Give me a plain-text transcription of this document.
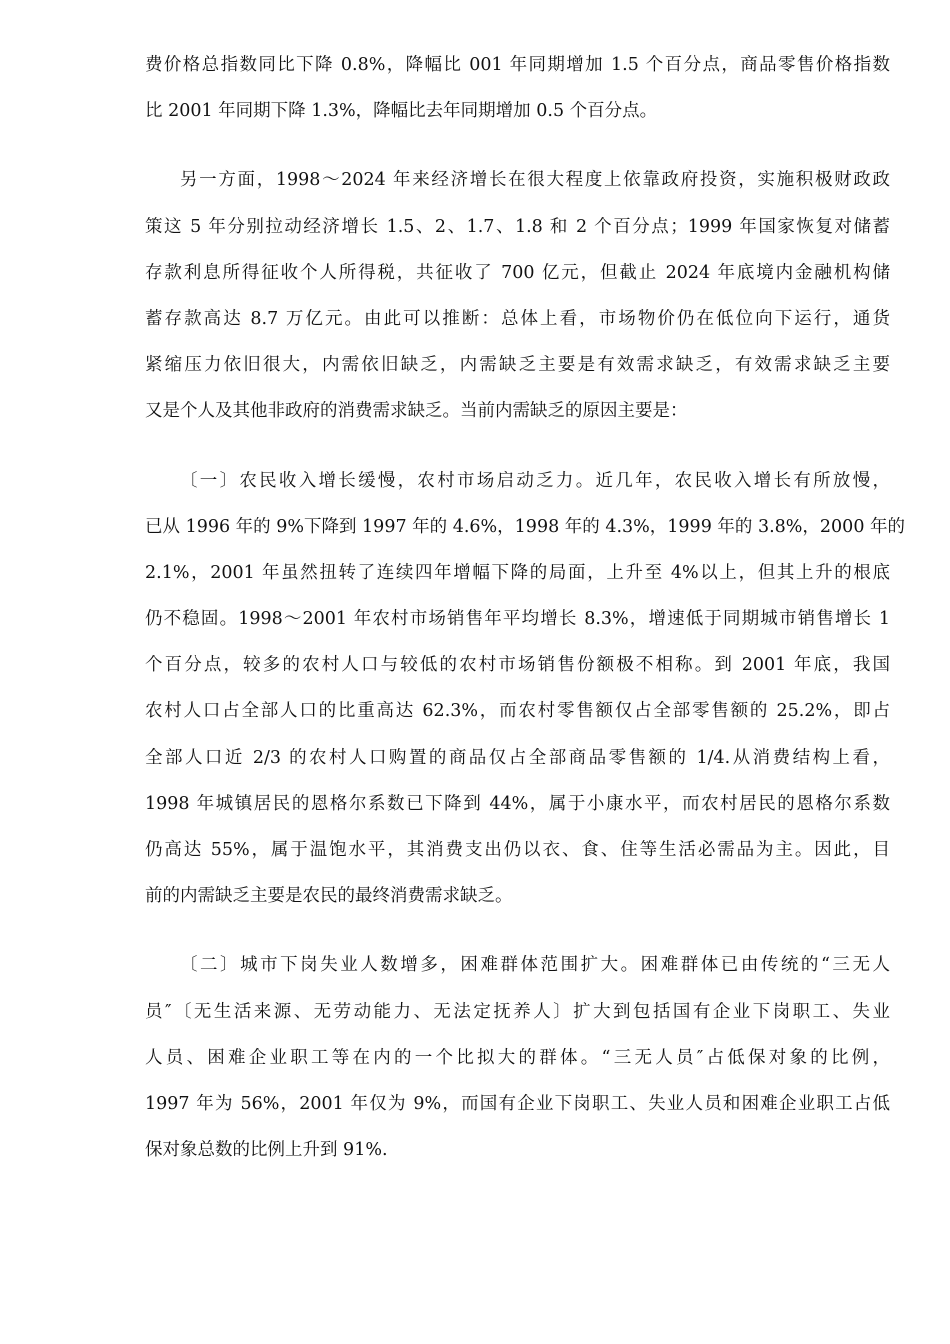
费价格总指数同比下降 0.8%，降幅比 001 年同期增加 1.5 个百分点，商品零售价格指数
比 2001 年同期下降 1.3%，降幅比去年同期增加 0.5 个百分点。
另一方面，1998～2024 年来经济增长在很大程度上依靠政府投资，实施积极财政政
策这 5 年分别拉动经济增长 1.5、2、1.7、1.8 和 2 个百分点；1999 年国家恢复对储蓄
存款利息所得征收个人所得税，共征收了 700 亿元，但截止 2024 年底境内金融机构储
蓄存款高达 8.7 万亿元。由此可以推断：总体上看，市场物价仍在低位向下运行，通货
紧缩压力依旧很大，内需依旧缺乏，内需缺乏主要是有效需求缺乏，有效需求缺乏主要
又是个人及其他非政府的消费需求缺乏。当前内需缺乏的原因主要是：
〔一〕农民收入增长缓慢，农村市场启动乏力。近几年，农民收入增长有所放慢，
已从 1996 年的 9%下降到 1997 年的 4.6%，1998 年的 4.3%，1999 年的 3.8%，2000 年的
2.1%，2001 年虽然扭转了连续四年增幅下降的局面，上升至 4%以上，但其上升的根底
仍不稳固。1998～2001 年农村市场销售年平均增长 8.3%，增速低于同期城市销售增长 1
个百分点，较多的农村人口与较低的农村市场销售份额极不相称。到 2001 年底，我国
农村人口占全部人口的比重高达 62.3%，而农村零售额仅占全部零售额的 25.2%，即占
全部人口近 2/3 的农村人口购置的商品仅占全部商品零售额的 1/4.从消费结构上看，
1998 年城镇居民的恩格尔系数已下降到 44%，属于小康水平，而农村居民的恩格尔系数
仍高达 55%，属于温饱水平，其消费支出仍以衣、食、住等生活必需品为主。因此，目
前的内需缺乏主要是农民的最终消费需求缺乏。
〔二〕城市下岗失业人数增多，困难群体范围扩大。困难群体已由传统的“三无人
员″〔无生活来源、无劳动能力、无法定抚养人〕扩大到包括国有企业下岗职工、失业
人员、困难企业职工等在内的一个比拟大的群体。“三无人员″占低保对象的比例，
1997 年为 56%，2001 年仅为 9%，而国有企业下岗职工、失业人员和困难企业职工占低
保对象总数的比例上升到 91%.
